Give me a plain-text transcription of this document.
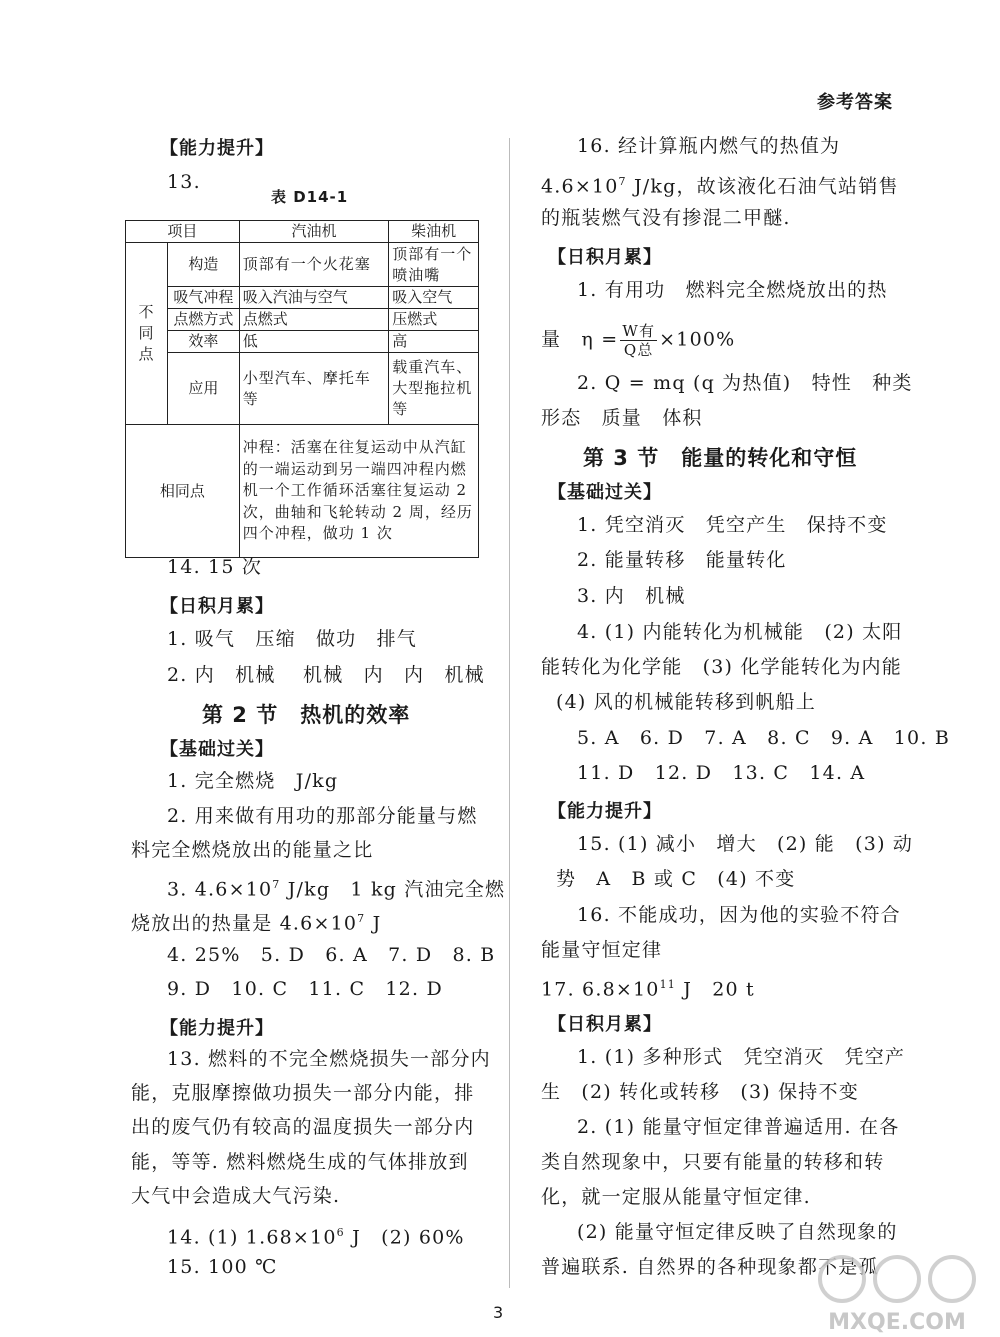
参考答案
【能力提升】
13.
表 D14-1
项目		汽油机	柴油机
不同点	构造	顶部有一个火花塞	顶部有一个喷油嘴
	吸气冲程	吸入汽油与空气	吸入空气
	点燃方式	点燃式	压燃式
	效率	低	高
	应用	小型汽车、摩托车等	载重汽车、大型拖拉机等
相同点		冲程：活塞在往复运动中从汽缸的一端运动到另一端四冲程内燃机一个工作循环活塞往复运动 2 次，曲轴和飞轮转动 2 周，经历四个冲程，做功 1 次	
14. 15 次
【日积月累】
1. 吸气　压缩　做功　排气
2. 内　机械　 机械　内　内　机械
第 2 节　热机的效率
【基础过关】
1. 完全燃烧　J/kg
2. 用来做有用功的那部分能量与燃
料完全燃烧放出的能量之比
3. $4.6\times 10^7$ J/kg　1 kg 汽油完全燃
烧放出的热量是 $4.6\times 10^7$ J
4. 25%　5. D　6. A　7. D　8. B
9. D　10. C　11. C　12. D
【能力提升】
13. 燃料的不完全燃烧损失一部分内
能，克服摩擦做功损失一部分内能，排
出的废气仍有较高的温度损失一部分内
能，等等. 燃料燃烧生成的气体排放到
大气中会造成大气污染.
14. (1) $1.68\times 10^6$ J　(2) 60%
15. 100 ℃
16. 经计算瓶内燃气的热值为
$4.6\times 10^7$ J/kg，故该液化石油气站销售
的瓶装燃气没有掺混二甲醚.
【日积月累】
1. 有用功　燃料完全燃烧放出的热
量　$\eta = \frac{\text{W有}}{\text{Q总}} \times 100\%$
2. Q = mq (q 为热值)　特性　种类
形态　质量　体积
第 3 节　能量的转化和守恒
【基础过关】
1. 凭空消灭　凭空产生　保持不变
2. 能量转移　能量转化
3. 内　机械
4. (1) 内能转化为机械能　(2) 太阳
能转化为化学能　(3) 化学能转化为内能
(4) 风的机械能转移到帆船上
5. A　6. D　7. A　8. C　9. A　10. B
11. D　12. D　13. C　14. A
【能力提升】
15. (1) 减小　增大　(2) 能　(3) 动
势　A　B 或 C　(4) 不变
16. 不能成功，因为他的实验不符合
能量守恒定律
17. $6.8\times 10^{11}$ J　20 t
【日积月累】
1. (1) 多种形式　凭空消灭　凭空产
生　(2) 转化或转移　(3) 保持不变
2. (1) 能量守恒定律普遍适用. 在各
类自然现象中，只要有能量的转移和转
化，就一定服从能量守恒定律.
(2) 能量守恒定律反映了自然现象的
普遍联系. 自然界的各种现象都不是孤
3	MXQE.COM
